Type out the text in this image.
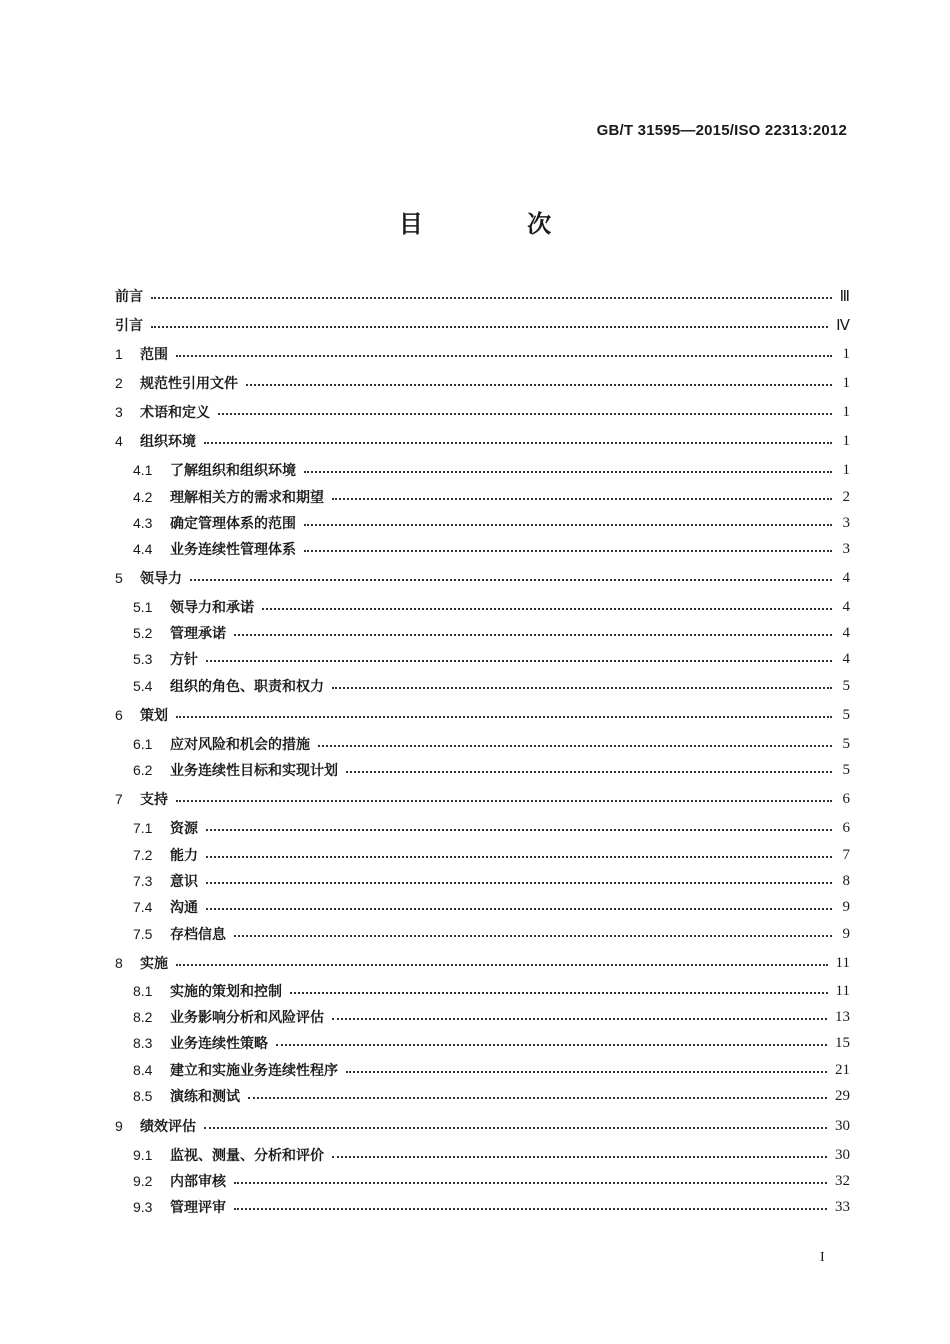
GB/T 31595—2015/ISO 22313:2012
目 次
前言	Ⅲ
引言	Ⅳ
1	范围	1
2	规范性引用文件	1
3	术语和定义	1
4	组织环境	1
4.1	了解组织和组织环境	1
4.2	理解相关方的需求和期望	2
4.3	确定管理体系的范围	3
4.4	业务连续性管理体系	3
5	领导力	4
5.1	领导力和承诺	4
5.2	管理承诺	4
5.3	方针	4
5.4	组织的角色、职责和权力	5
6	策划	5
6.1	应对风险和机会的措施	5
6.2	业务连续性目标和实现计划	5
7	支持	6
7.1	资源	6
7.2	能力	7
7.3	意识	8
7.4	沟通	9
7.5	存档信息	9
8	实施	11
8.1	实施的策划和控制	11
8.2	业务影响分析和风险评估	13
8.3	业务连续性策略	15
8.4	建立和实施业务连续性程序	21
8.5	演练和测试	29
9	绩效评估	30
9.1	监视、测量、分析和评价	30
9.2	内部审核	32
9.3	管理评审	33
I
